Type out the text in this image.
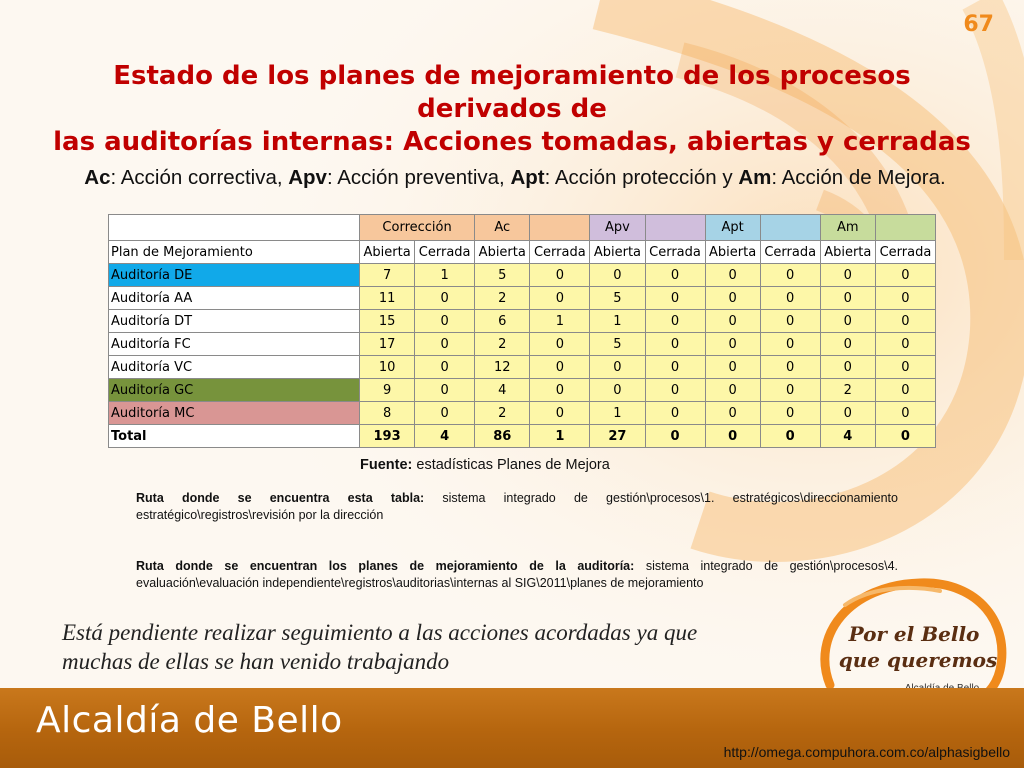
67
Estado de los planes de mejoramiento de los procesos derivados de
las auditorías internas: Acciones tomadas, abiertas y cerradas
Ac: Acción correctiva, Apv: Acción preventiva, Apt: Acción protección y Am: Acción de Mejora.
	Corrección		Ac		Apv		Apt		Am	
Plan de Mejoramiento	Abierta	Cerrada	Abierta	Cerrada	Abierta	Cerrada	Abierta	Cerrada	Abierta	Cerrada
Auditoría DE	7	1	5	0	0	0	0	0	0	0
Auditoría AA	11	0	2	0	5	0	0	0	0	0
Auditoría DT	15	0	6	1	1	0	0	0	0	0
Auditoría FC	17	0	2	0	5	0	0	0	0	0
Auditoría VC	10	0	12	0	0	0	0	0	0	0
Auditoría GC	9	0	4	0	0	0	0	0	2	0
Auditoría MC	8	0	2	0	1	0	0	0	0	0
Total	193	4	86	1	27	0	0	0	4	0
Fuente: estadísticas Planes de Mejora
Ruta donde se encuentra esta tabla: sistema integrado de gestión\procesos\1. estratégicos\direccionamiento estratégico\registros\revisión por la dirección
Ruta donde se encuentran los planes de mejoramiento de la auditoría: sistema integrado de gestión\procesos\4. evaluación\evaluación independiente\registros\auditorias\internas al SIG\2011\planes de mejoramiento
Está pendiente realizar seguimiento a las acciones acordadas ya que
muchas de ellas se han venido trabajando
Por el Bello
que queremos
Alcaldía de Bello
http://omega.compuhora.com.co/alphasigbello
